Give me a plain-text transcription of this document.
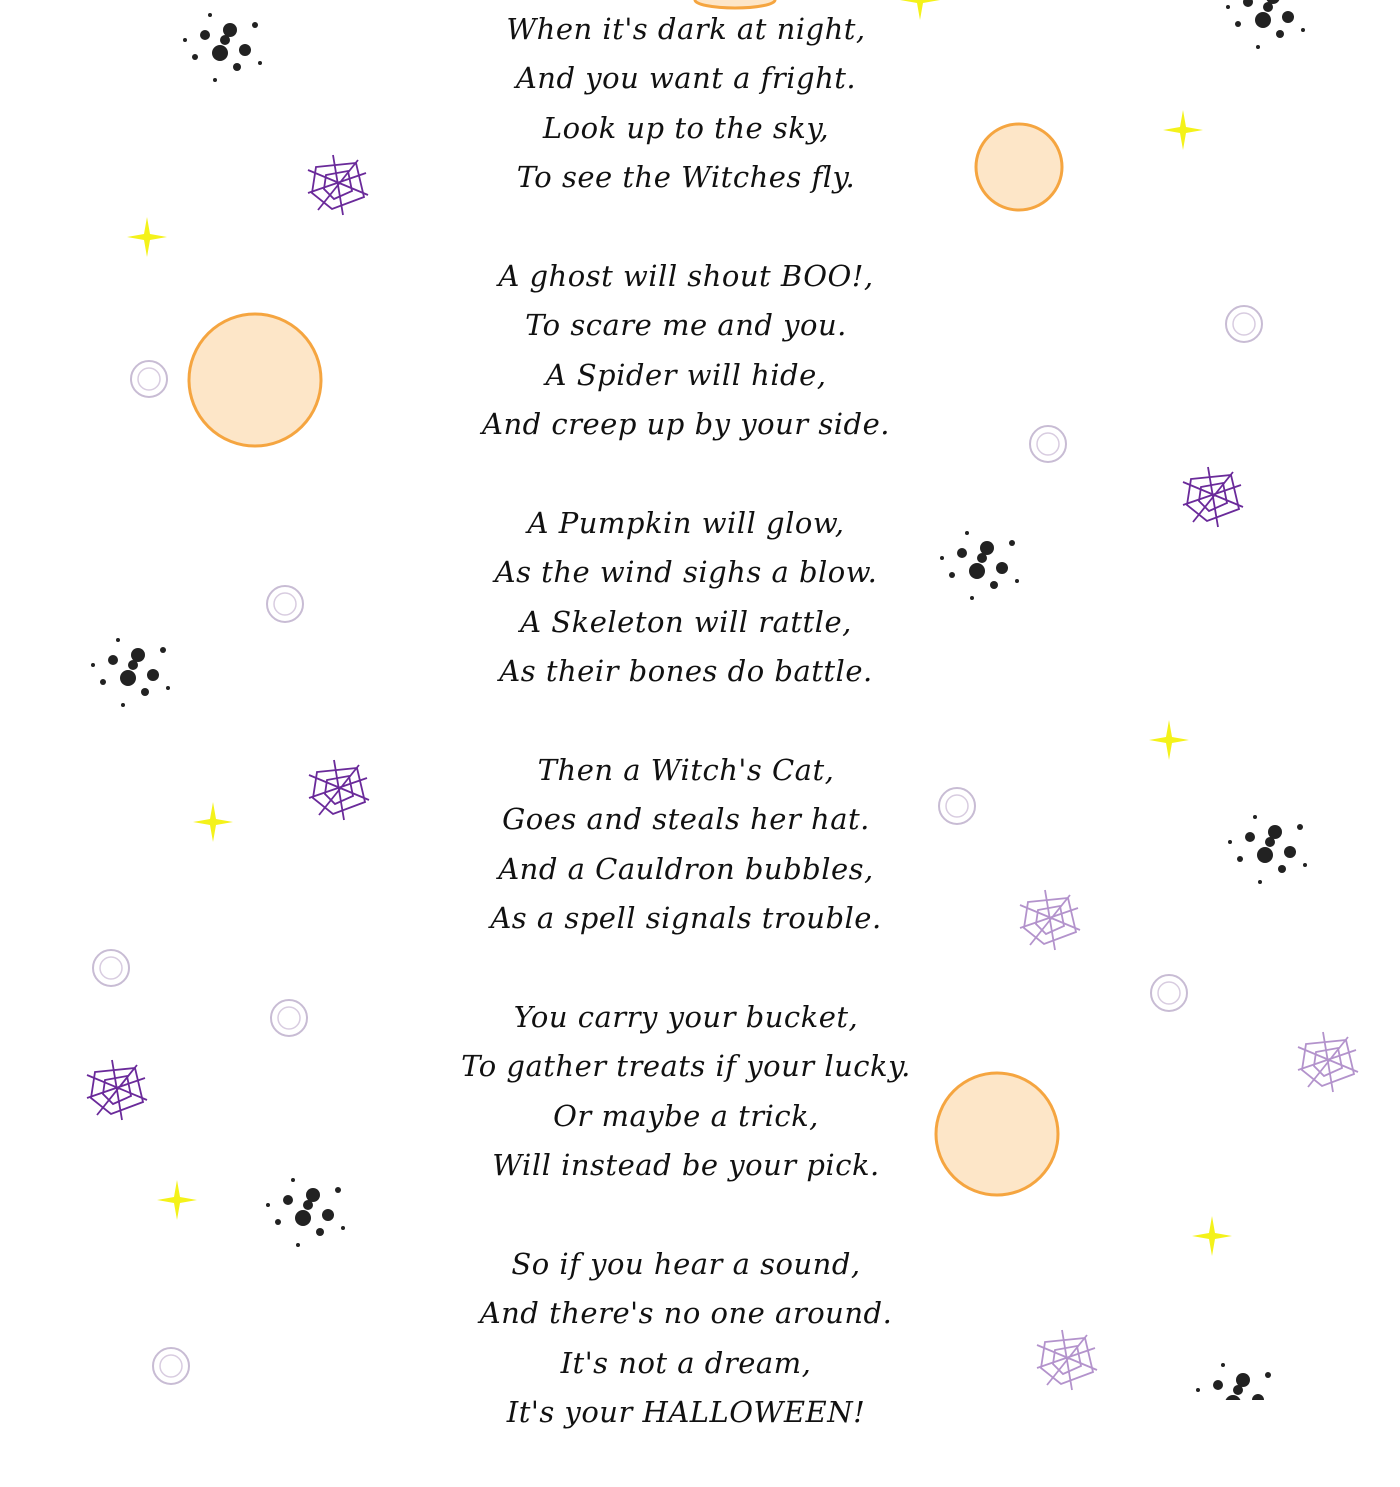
When it's dark at night,
And you want a fright.
Look up to the sky,
To see the Witches fly.
A ghost will shout BOO!,
To scare me and you.
A Spider will hide,
And creep up by your side.
A Pumpkin will glow,
As the wind sighs a blow.
A Skeleton will rattle,
As their bones do battle.
Then a Witch's Cat,
Goes and steals her hat.
And a Cauldron bubbles,
As a spell signals trouble.
You carry your bucket,
To gather treats if your lucky.
Or maybe a trick,
Will instead be your pick.
So if you hear a sound,
And there's no one around.
It's not a dream,
It's your HALLOWEEN!
